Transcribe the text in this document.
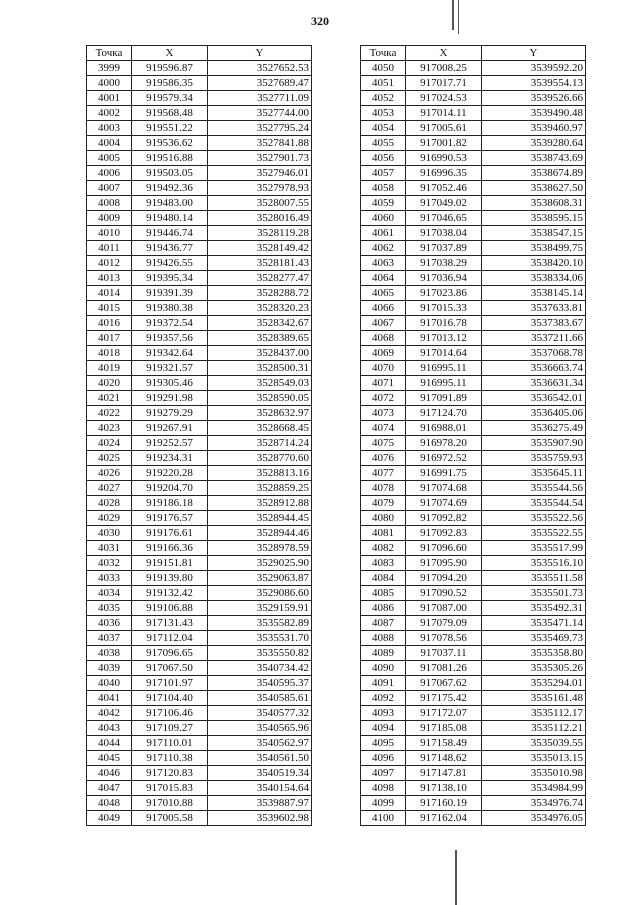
320
Точка	X	Y
3999	919596.87	3527652.53
4000	919586.35	3527689.47
4001	919579.34	3527711.09
4002	919568.48	3527744.00
4003	919551.22	3527795.24
4004	919536.62	3527841.88
4005	919516.88	3527901.73
4006	919503.05	3527946.01
4007	919492.36	3527978.93
4008	919483.00	3528007.55
4009	919480.14	3528016.49
4010	919446.74	3528119.28
4011	919436.77	3528149.42
4012	919426.55	3528181.43
4013	919395.34	3528277.47
4014	919391.39	3528288.72
4015	919380.38	3528320.23
4016	919372.54	3528342.67
4017	919357.56	3528389.65
4018	919342.64	3528437.00
4019	919321.57	3528500.31
4020	919305.46	3528549.03
4021	919291.98	3528590.05
4022	919279.29	3528632.97
4023	919267.91	3528668.45
4024	919252.57	3528714.24
4025	919234.31	3528770.60
4026	919220.28	3528813.16
4027	919204.70	3528859.25
4028	919186.18	3528912.88
4029	919176.57	3528944.45
4030	919176.61	3528944.46
4031	919166.36	3528978.59
4032	919151.81	3529025.90
4033	919139.80	3529063.87
4034	919132.42	3529086.60
4035	919106.88	3529159.91
4036	917131.43	3535582.89
4037	917112.04	3535531.70
4038	917096.65	3535550.82
4039	917067.50	3540734.42
4040	917101.97	3540595.37
4041	917104.40	3540585.61
4042	917106.46	3540577.32
4043	917109.27	3540565.96
4044	917110.01	3540562.97
4045	917110.38	3540561.50
4046	917120.83	3540519.34
4047	917015.83	3540154.64
4048	917010.88	3539887.97
4049	917005.58	3539602.98
Точка	X	Y
4050	917008.25	3539592.20
4051	917017.71	3539554.13
4052	917024.53	3539526.66
4053	917014.11	3539490.48
4054	917005.61	3539460.97
4055	917001.82	3539280.64
4056	916990.53	3538743.69
4057	916996.35	3538674.89
4058	917052.46	3538627.50
4059	917049.02	3538608.31
4060	917046.65	3538595.15
4061	917038.04	3538547.15
4062	917037.89	3538499.75
4063	917038.29	3538420.10
4064	917036.94	3538334.06
4065	917023.86	3538145.14
4066	917015.33	3537633.81
4067	917016.78	3537383.67
4068	917013.12	3537211.66
4069	917014.64	3537068.78
4070	916995.11	3536663.74
4071	916995.11	3536631.34
4072	917091.89	3536542.01
4073	917124.70	3536405.06
4074	916988.01	3536275.49
4075	916978.20	3535907.90
4076	916972.52	3535759.93
4077	916991.75	3535645.11
4078	917074.68	3535544.56
4079	917074.69	3535544.54
4080	917092.82	3535522.56
4081	917092.83	3535522.55
4082	917096.60	3535517.99
4083	917095.90	3535516.10
4084	917094.20	3535511.58
4085	917090.52	3535501.73
4086	917087.00	3535492.31
4087	917079.09	3535471.14
4088	917078.56	3535469.73
4089	917037.11	3535358.80
4090	917081.26	3535305.26
4091	917067.62	3535294.01
4092	917175.42	3535161.48
4093	917172.07	3535112.17
4094	917185.08	3535112.21
4095	917158.49	3535039.55
4096	917148.62	3535013.15
4097	917147.81	3535010.98
4098	917138.10	3534984.99
4099	917160.19	3534976.74
4100	917162.04	3534976.05
